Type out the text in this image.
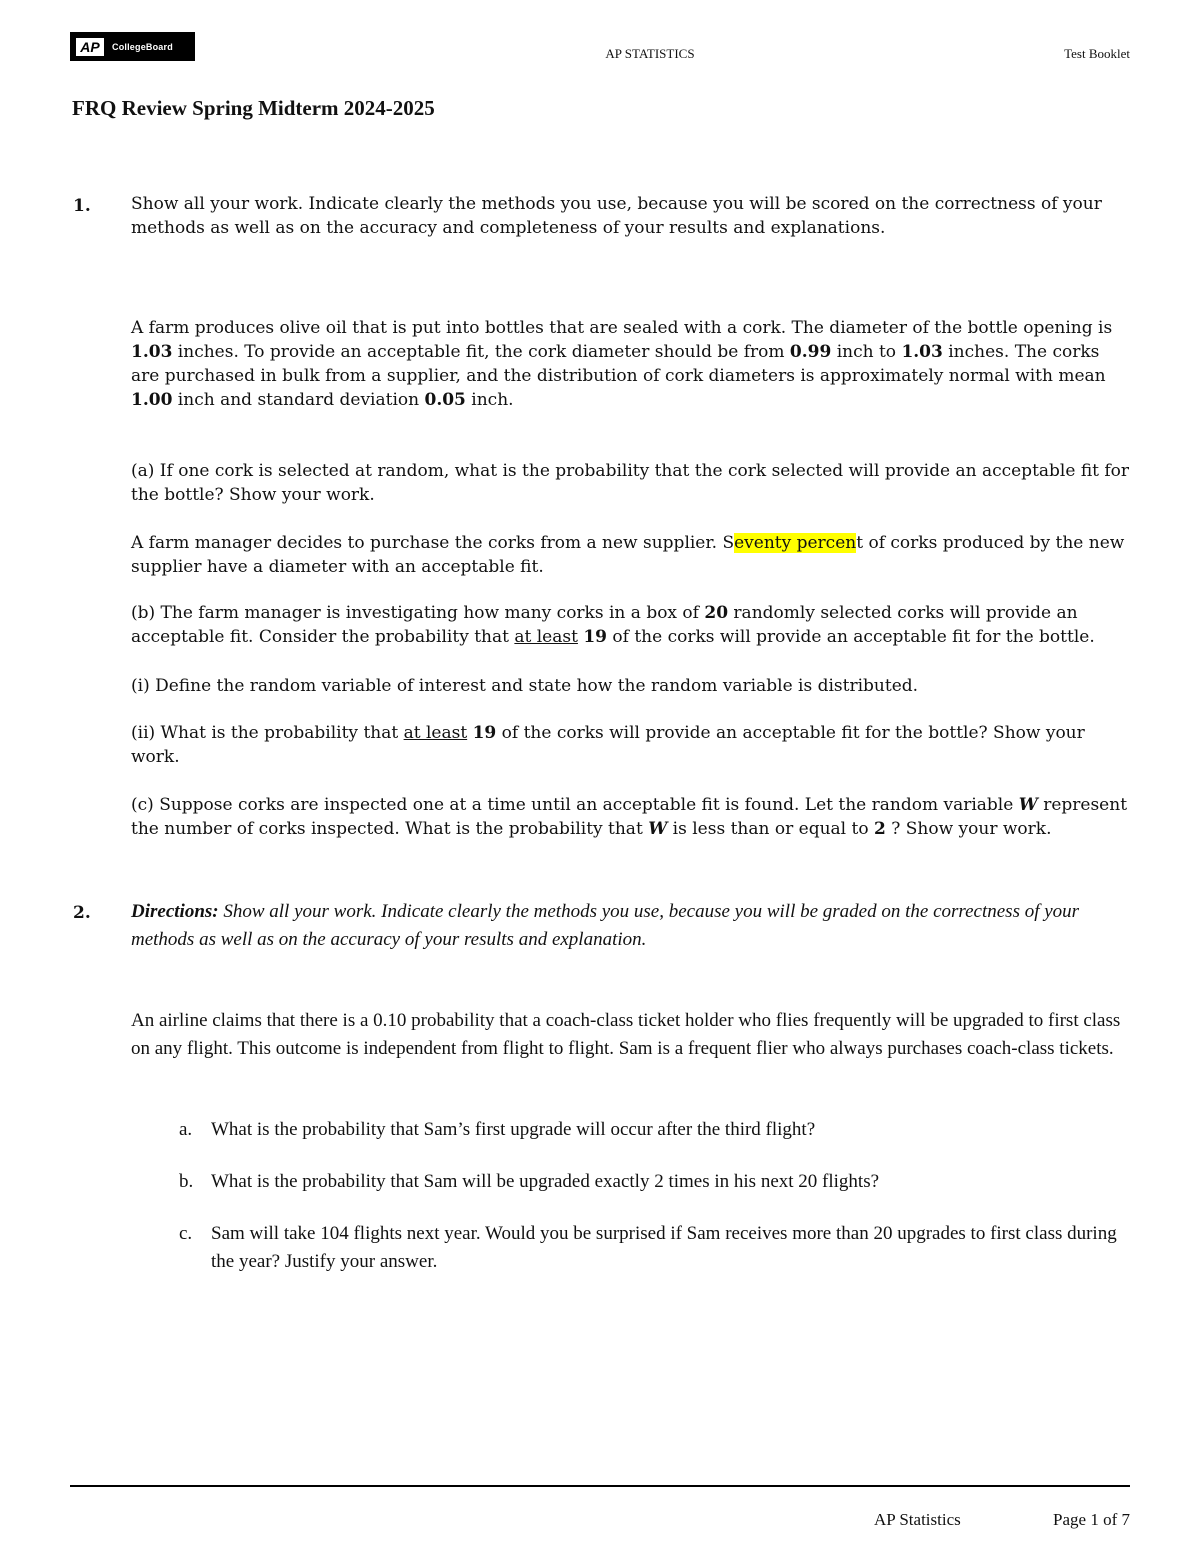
AP	CollegeBoard	AP STATISTICS	Test Booklet
FRQ Review Spring Midterm 2024-2025
1. Show all your work. Indicate clearly the methods you use, because you will be scored on the correctness of your methods as well as on the accuracy and completeness of your results and explanations.
A farm produces olive oil that is put into bottles that are sealed with a cork. The diameter of the bottle opening is 1.03 inches. To provide an acceptable fit, the cork diameter should be from 0.99 inch to 1.03 inches. The corks are purchased in bulk from a supplier, and the distribution of cork diameters is approximately normal with mean 1.00 inch and standard deviation 0.05 inch.
(a) If one cork is selected at random, what is the probability that the cork selected will provide an acceptable fit for the bottle? Show your work.
A farm manager decides to purchase the corks from a new supplier. Seventy percent of corks produced by the new supplier have a diameter with an acceptable fit.
(b) The farm manager is investigating how many corks in a box of 20 randomly selected corks will provide an acceptable fit. Consider the probability that at least 19 of the corks will provide an acceptable fit for the bottle.
(i) Define the random variable of interest and state how the random variable is distributed.
(ii) What is the probability that at least 19 of the corks will provide an acceptable fit for the bottle? Show your work.
(c) Suppose corks are inspected one at a time until an acceptable fit is found. Let the random variable W represent the number of corks inspected. What is the probability that W is less than or equal to 2 ? Show your work.
2. Directions: Show all your work. Indicate clearly the methods you use, because you will be graded on the correctness of your methods as well as on the accuracy of your results and explanation.
An airline claims that there is a 0.10 probability that a coach-class ticket holder who flies frequently will be upgraded to first class on any flight. This outcome is independent from flight to flight. Sam is a frequent flier who always purchases coach-class tickets.
a. What is the probability that Sam’s first upgrade will occur after the third flight?
b. What is the probability that Sam will be upgraded exactly 2 times in his next 20 flights?
c. Sam will take 104 flights next year. Would you be surprised if Sam receives more than 20 upgrades to first class during the year? Justify your answer.
AP Statistics	Page 1 of 7
